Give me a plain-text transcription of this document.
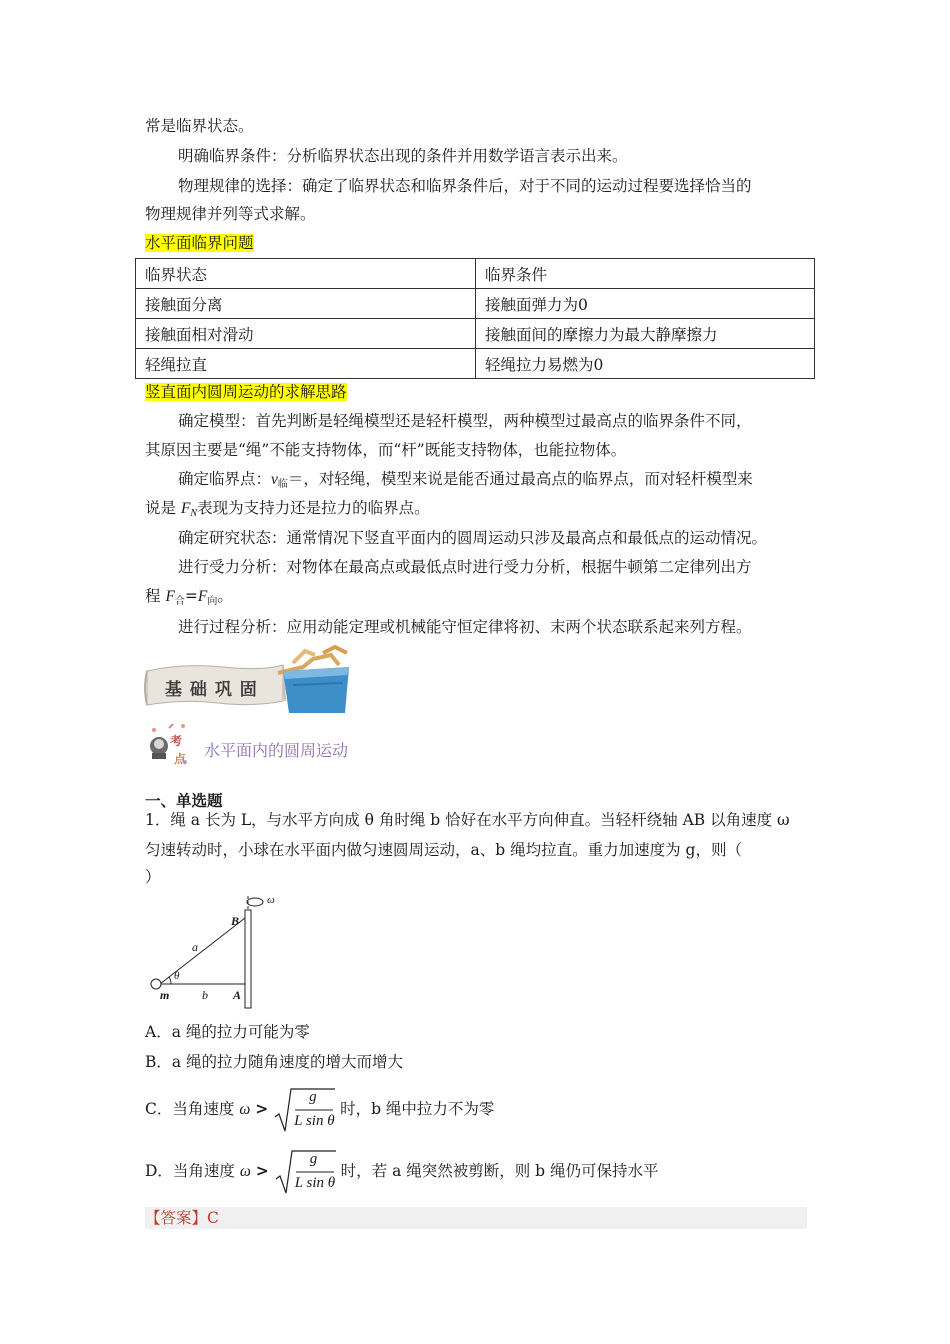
常是临界状态。
明确临界条件：分析临界状态出现的条件并用数学语言表示出来。
物理规律的选择：确定了临界状态和临界条件后，对于不同的运动过程要选择恰当的
物理规律并列等式求解。
水平面临界问题
临界状态	临界条件
接触面分离	接触面弹力为0
接触面相对滑动	接触面间的摩擦力为最大静摩擦力
轻绳拉直	轻绳拉力易燃为0
竖直面内圆周运动的求解思路
确定模型：首先判断是轻绳模型还是轻杆模型，两种模型过最高点的临界条件不同，
其原因主要是“绳”不能支持物体，而“杆”既能支持物体，也能拉物体。
确定临界点：$v_临=$，对轻绳，模型来说是能否通过最高点的临界点，而对轻杆模型来
说是 $F_N$表现为支持力还是拉力的临界点。
确定研究状态：通常情况下竖直平面内的圆周运动只涉及最高点和最低点的运动情况。
进行受力分析：对物体在最高点或最低点时进行受力分析，根据牛顿第二定律列出方
程 $F_合=F_向$。
进行过程分析：应用动能定理或机械能守恒定律将初、末两个状态联系起来列方程。
基 础 巩 固
考
点 水平面内的圆周运动
一、单选题
1．绳 a 长为 L，与水平方向成 θ 角时绳 b 恰好在水平方向伸直。当轻杆绕轴 AB 以角速度 ω
匀速转动时，小球在水平面内做匀速圆周运动，a、b 绳均拉直。重力加速度为 g，则（
）
ω
B
a
θ
m	b A
A．a 绳的拉力可能为零
B．a 绳的拉力随角速度的增大而增大
C．当角速度 ω >
g
L sin θ
时，b 绳中拉力不为零
D．当角速度 ω >
g
L sin θ
时，若 a 绳突然被剪断，则 b 绳仍可保持水平
【答案】C
